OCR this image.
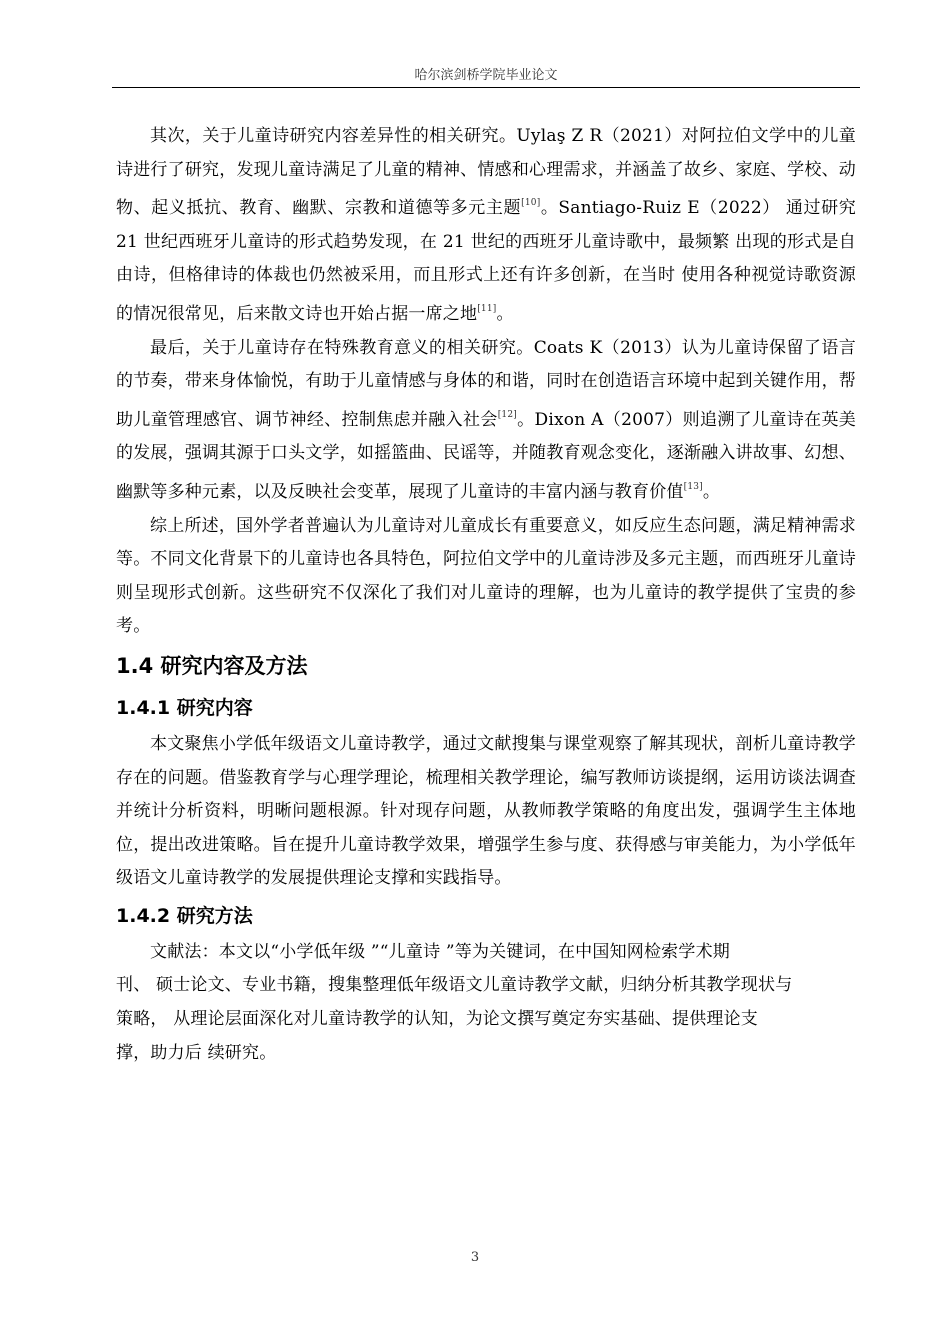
哈尔滨剑桥学院毕业论文

其次，关于儿童诗研究内容差异性的相关研究。Uylaş Z R（2021）对阿拉伯文学中的儿童诗进行了研究，发现儿童诗满足了儿童的精神、情感和心理需求，并涵盖了故乡、家庭、学校、动物、起义抵抗、教育、幽默、宗教和道德等多元主题[10]。Santiago-Ruiz E（2022） 通过研究 21 世纪西班牙儿童诗的形式趋势发现，在 21 世纪的西班牙儿童诗歌中，最频繁 出现的形式是自由诗，但格律诗的体裁也仍然被采用，而且形式上还有许多创新，在当时 使用各种视觉诗歌资源的情况很常见，后来散文诗也开始占据一席之地[11]。

最后，关于儿童诗存在特殊教育意义的相关研究。Coats K（2013）认为儿童诗保留了语言的节奏，带来身体愉悦，有助于儿童情感与身体的和谐，同时在创造语言环境中起到关键作用，帮助儿童管理感官、调节神经、控制焦虑并融入社会[12]。Dixon A（2007）则追溯了儿童诗在英美的发展，强调其源于口头文学，如摇篮曲、民谣等，并随教育观念变化，逐渐融入讲故事、幻想、幽默等多种元素，以及反映社会变革，展现了儿童诗的丰富内涵与教育价值[13]。

综上所述，国外学者普遍认为儿童诗对儿童成长有重要意义，如反应生态问题，满足精神需求等。不同文化背景下的儿童诗也各具特色，阿拉伯文学中的儿童诗涉及多元主题，而西班牙儿童诗则呈现形式创新。这些研究不仅深化了我们对儿童诗的理解，也为儿童诗的教学提供了宝贵的参考。

1.4 研究内容及方法
1.4.1 研究内容

本文聚焦小学低年级语文儿童诗教学，通过文献搜集与课堂观察了解其现状，剖析儿童诗教学存在的问题。借鉴教育学与心理学理论，梳理相关教学理论，编写教师访谈提纲，运用访谈法调查并统计分析资料，明晰问题根源。针对现存问题，从教师教学策略的角度出发，强调学生主体地位，提出改进策略。旨在提升儿童诗教学效果，增强学生参与度、获得感与审美能力，为小学低年级语文儿童诗教学的发展提供理论支撑和实践指导。

1.4.2 研究方法

文献法：本文以“小学低年级 ”“儿童诗 ”等为关键词，在中国知网检索学术期
刊、 硕士论文、专业书籍，搜集整理低年级语文儿童诗教学文献，归纳分析其教学现状与
策略， 从理论层面深化对儿童诗教学的认知，为论文撰写奠定夯实基础、提供理论支
撑，助力后 续研究。

3
